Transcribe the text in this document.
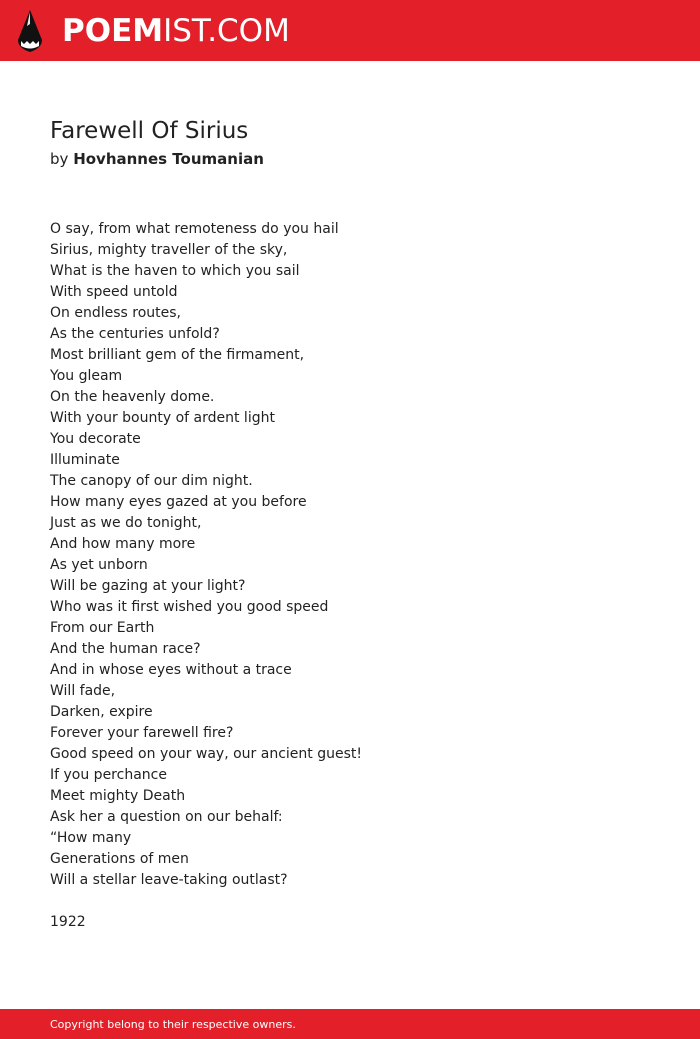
POEMIST.COM
Farewell Of Sirius
by Hovhannes Toumanian
O say, from what remoteness do you hail
Sirius, mighty traveller of the sky,
What is the haven to which you sail
With speed untold
On endless routes,
As the centuries unfold?
Most brilliant gem of the firmament,
You gleam
On the heavenly dome.
With your bounty of ardent light
You decorate
Illuminate
The canopy of our dim night.
How many eyes gazed at you before
Just as we do tonight,
And how many more
As yet unborn
Will be gazing at your light?
Who was it first wished you good speed
From our Earth
And the human race?
And in whose eyes without a trace
Will fade,
Darken, expire
Forever your farewell fire?
Good speed on your way, our ancient guest!
If you perchance
Meet mighty Death
Ask her a question on our behalf:
“How many
Generations of men
Will a stellar leave-taking outlast?
1922
Copyright belong to their respective owners.
